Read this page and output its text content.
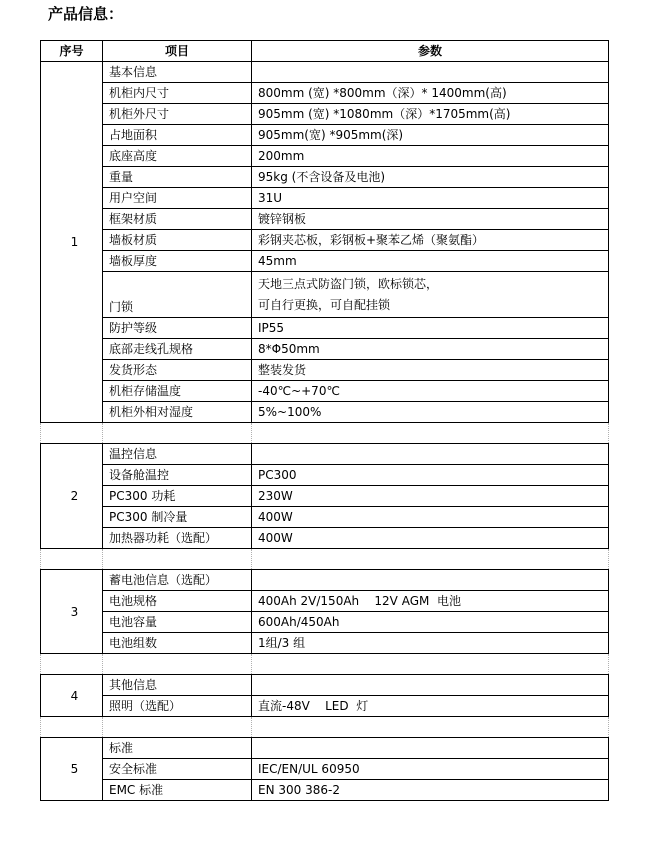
产品信息：
序号	项目	参数
1	基本信息	
	机柜内尺寸	800mm (宽) *800mm（深）* 1400mm(高)
	机柜外尺寸	905mm (宽) *1080mm（深）*1705mm(高)
	占地面积	905mm(宽) *905mm(深)
	底座高度	200mm
	重量	95kg (不含设备及电池)
	用户空间	31U
	框架材质	镀锌钢板
	墙板材质	彩钢夹芯板，彩钢板+聚苯乙烯（聚氨酯）
	墙板厚度	45mm
	门锁	天地三点式防盗门锁，欧标锁芯，
可自行更换，可自配挂锁

	防护等级	IP55
	底部走线孔规格	8*Φ50mm
	发货形态	整装发货
	机柜存储温度	-40℃~+70℃
	机柜外相对湿度	5%~100%

2	温控信息	
	设备舱温控	PC300
	PC300 功耗	230W
	PC300 制冷量	400W
	加热器功耗（选配）	400W

3	蓄电池信息（选配）	
	电池规格	400Ah 2V/150Ah    12V AGM  电池
	电池容量	600Ah/450Ah
	电池组数	1组/3 组

4	其他信息	
	照明（选配）	直流-48V    LED  灯

5	标准	
	安全标准	IEC/EN/UL 60950
	EMC 标准	EN 300 386-2
